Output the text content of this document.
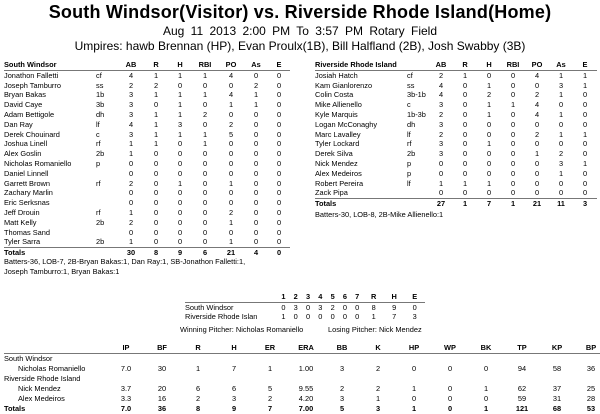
South Windsor(Visitor) vs. Riverside Rhode Island(Home)
Aug 11 2013 2:00 PM To 3:57 PM Rotary Field
Umpires: hawb Brennan (HP), Evan Proulx(1B), Bill Halfland (2B), Josh Swabby (3B)
South Windsor		AB	R	H	RBI	PO	As	E
Jonathon Falletti	cf	4	1	1	1	4	0	0
Joseph Tamburro	ss	2	2	0	0	0	2	0
Bryan Bakas	1b	3	1	1	1	4	1	0
David Caye	3b	3	0	1	0	1	1	0
Adam Bettigole	dh	3	1	1	2	0	0	0
Dan Ray	lf	4	1	3	0	2	0	0
Derek Chouinard	c	3	1	1	1	5	0	0
Joshua Linell	rf	1	1	0	1	0	0	0
Alex Goslin	2b	1	0	0	0	0	0	0
Nicholas Romaniello	p	0	0	0	0	0	0	0
Daniel Linnell		0	0	0	0	0	0	0
Garrett Brown	rf	2	0	1	0	1	0	0
Zachary Marlin		0	0	0	0	0	0	0
Eric Serksnas		0	0	0	0	0	0	0
Jeff Drouin	rf	1	0	0	0	2	0	0
Matt Kelly	2b	2	0	0	0	1	0	0
Thomas Sand		0	0	0	0	0	0	0
Tyler Sarra	2b	1	0	0	0	1	0	0
Totals		30	8	9	6	21	4	0
Riverside Rhode Island		AB	R	H	RBI	PO	As	E
Josiah Hatch	cf	2	1	0	0	4	1	1
Kam Gianlorenzo	ss	4	0	1	0	0	3	1
Colin Costa	3b-1b	4	0	2	0	2	1	0
Mike Allienello	c	3	0	1	1	4	0	0
Kyle Marquis	1b-3b	2	0	1	0	4	1	0
Logan McConaghy	dh	3	0	0	0	0	0	0
Marc Lavalley	lf	2	0	0	0	2	1	1
Tyler Lockard	rf	3	0	1	0	0	0	0
Derek Silva	2b	3	0	0	0	1	2	0
Nick Mendez	p	0	0	0	0	0	3	1
Alex Medeiros	p	0	0	0	0	0	1	0
Robert Pereira	lf	1	1	1	0	0	0	0
Zack Pipa		0	0	0	0	0	0	0
Totals		27	1	7	1	21	11	3
Batters-36, LOB-7, 2B-Bryan Bakas:1, Dan Ray:1, SB-Jonathon Falletti:1,
Joseph Tamburro:1, Bryan Bakas:1
Batters-30, LOB-8, 2B-Mike Allienello:1
	1	2	3	4	5	6	7	R	H	E
South Windsor	0	3	0	3	2	0	0	8	9	0
Riverside Rhode Islan	1	0	0	0	0	0	0	1	7	3
Winning Pitcher: Nicholas Romaniello	Losing Pitcher: Nick Mendez
	IP	BF	R	H	ER	ERA	BB	K	HP	WP	BK	TP	KP	BP
South Windsor														
Nicholas Romaniello	7.0	30	1	7	1	1.00	3	2	0	0	0	94	58	36
Riverside Rhode Island														
Nick Mendez	3.7	20	6	6	5	9.55	2	2	1	0	1	62	37	25
Alex Medeiros	3.3	16	2	3	2	4.20	3	1	0	0	0	59	31	28
Totals	7.0	36	8	9	7	7.00	5	3	1	0	1	121	68	53
